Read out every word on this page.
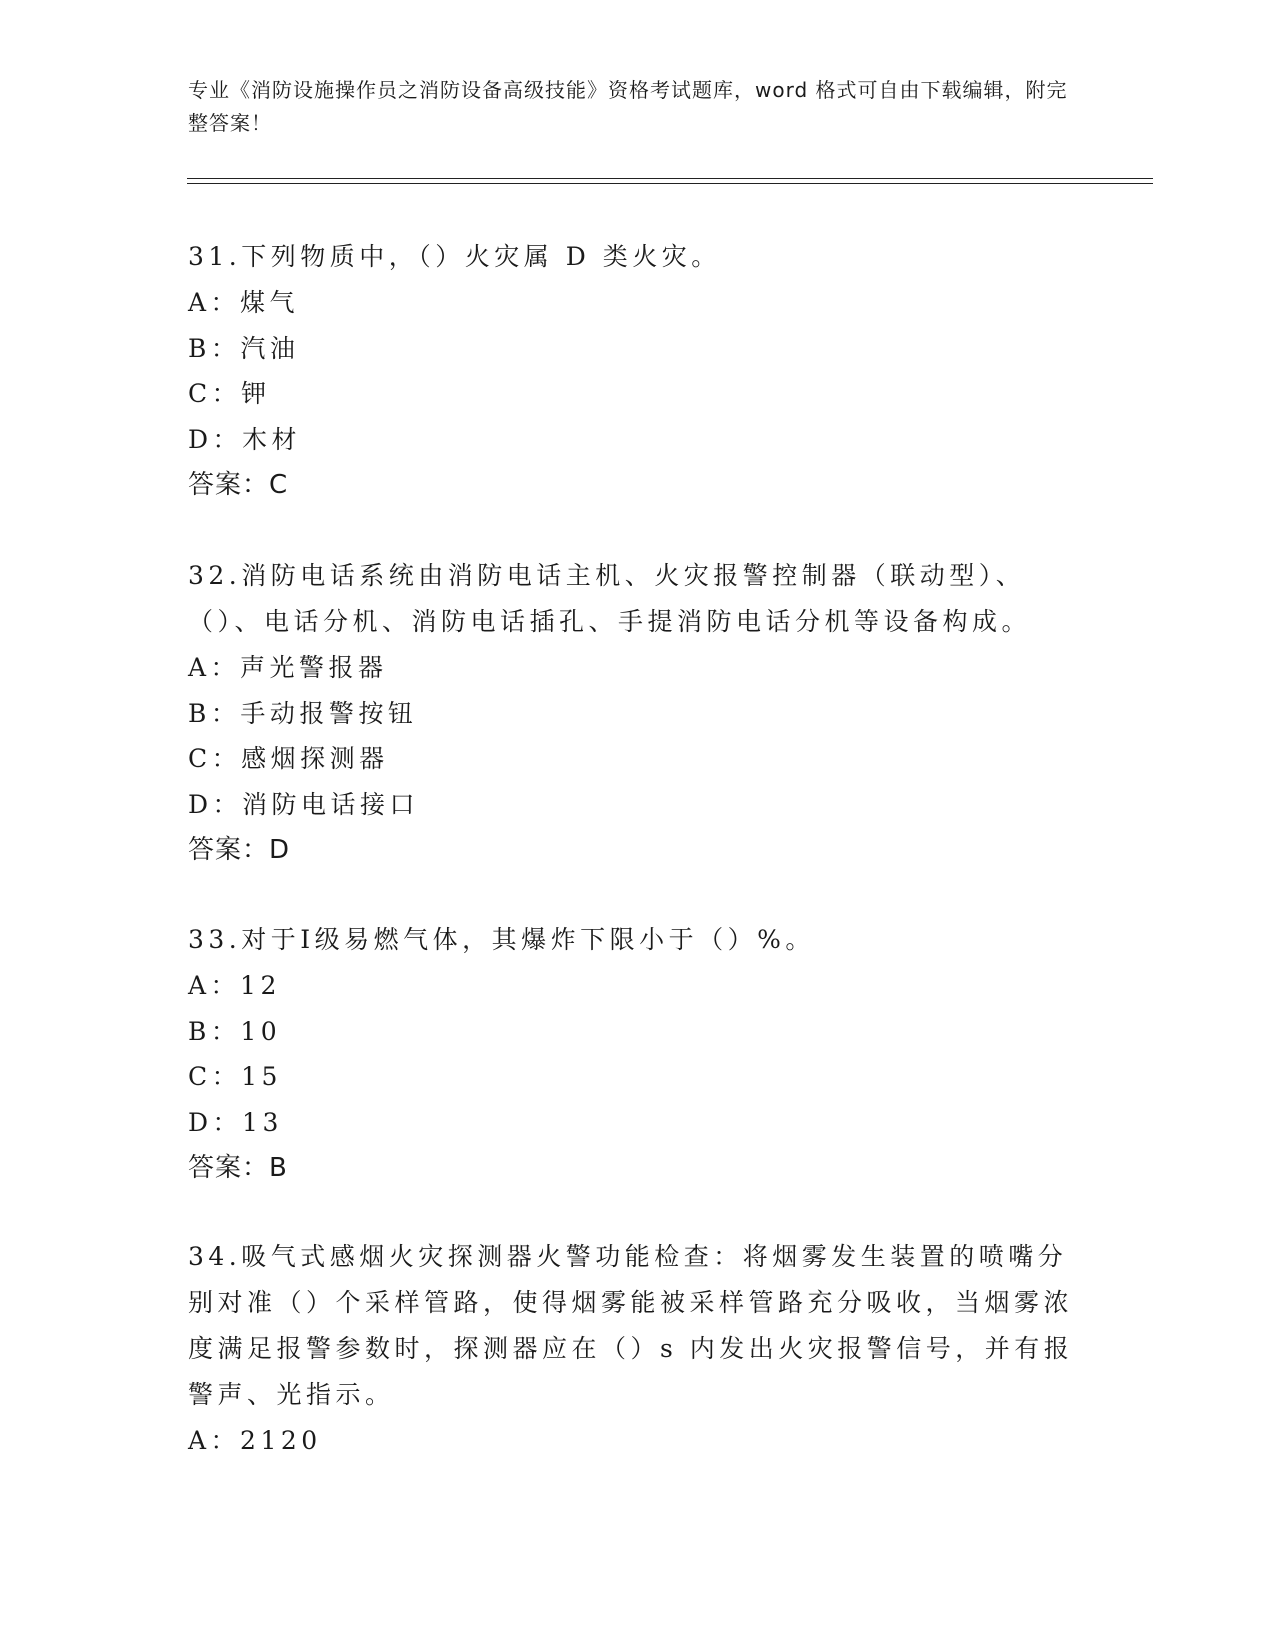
专业《消防设施操作员之消防设备高级技能》资格考试题库，word 格式可自由下载编辑，附完整答案！
31.下列物质中，（）火灾属 D 类火灾。
A：煤气
B：汽油
C：钾
D：木材
答案：C
32.消防电话系统由消防电话主机、火灾报警控制器（联动型）、（）、电话分机、消防电话插孔、手提消防电话分机等设备构成。
A：声光警报器
B：手动报警按钮
C：感烟探测器
D：消防电话接口
答案：D
33.对于Ⅰ级易燃气体，其爆炸下限小于（）%。
A：12
B：10
C：15
D：13
答案：B
34.吸气式感烟火灾探测器火警功能检查：将烟雾发生装置的喷嘴分别对准（）个采样管路，使得烟雾能被采样管路充分吸收，当烟雾浓度满足报警参数时，探测器应在（）s 内发出火灾报警信号，并有报警声、光指示。
A：2120
